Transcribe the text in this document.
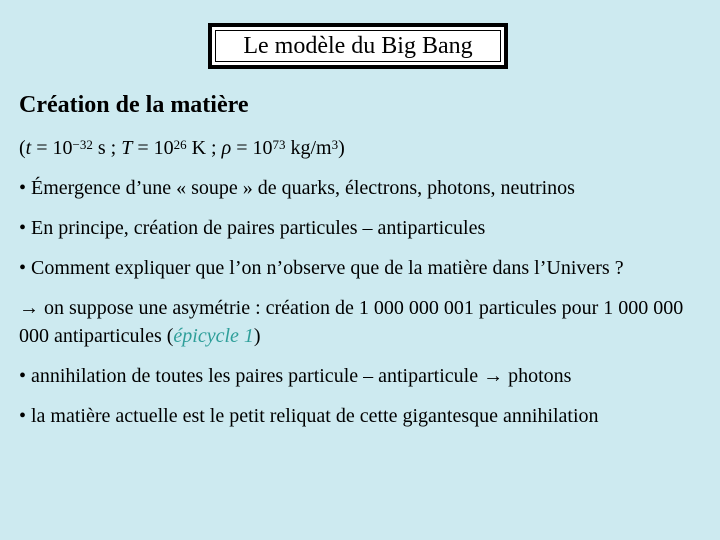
Le modèle du Big Bang
Création de la matière
($t = 10^{-32}$ s ; $T = 10^{26}$ K ; $\rho = 10^{73}$ $kg/m^3$)
• Émergence d’une « soupe » de quarks, électrons, photons, neutrinos
• En principe, création de paires particules – antiparticules
• Comment expliquer que l’on n’observe que de la matière dans l’Univers ?
→ on suppose une asymétrie : création de 1 000 000 001 particules pour 1 000 000 000 antiparticules (épicycle 1)
• annihilation de toutes les paires particule – antiparticule → photons
• la matière actuelle est le petit reliquat de cette gigantesque annihilation
